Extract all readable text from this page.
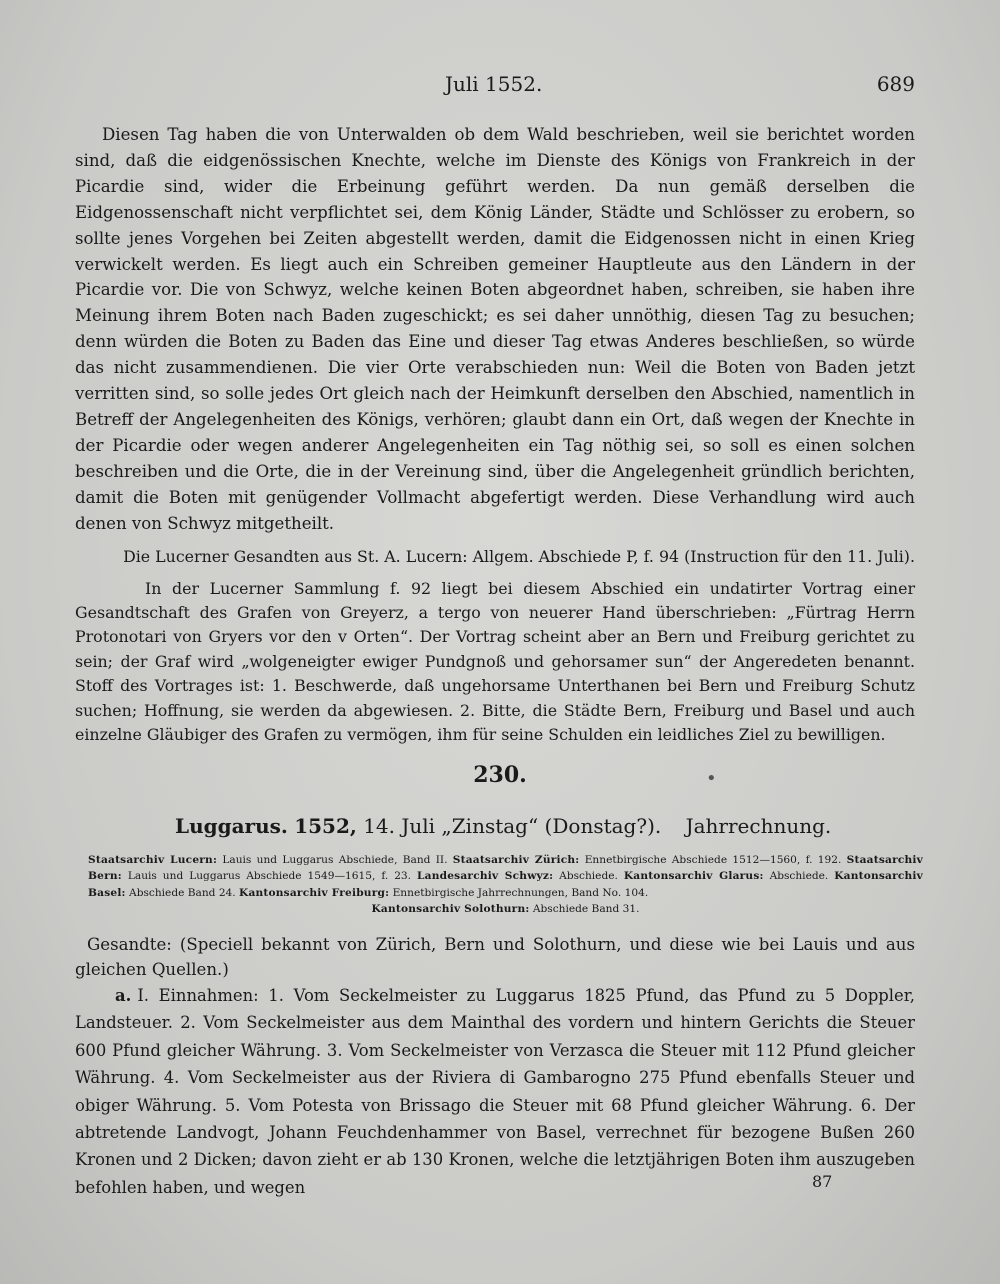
Juli 1552.	689

Diesen Tag haben die von Unterwalden ob dem Wald beschrieben, weil sie berichtet worden sind, daß die eidgenössischen Knechte, welche im Dienste des Königs von Frankreich in der Picardie sind, wider die Erbeinung geführt werden. Da nun gemäß derselben die Eidgenossenschaft nicht verpflichtet sei, dem König Länder, Städte und Schlösser zu erobern, so sollte jenes Vorgehen bei Zeiten abgestellt werden, damit die Eidgenossen nicht in einen Krieg verwickelt werden. Es liegt auch ein Schreiben gemeiner Hauptleute aus den Ländern in der Picardie vor. Die von Schwyz, welche keinen Boten abgeordnet haben, schreiben, sie haben ihre Meinung ihrem Boten nach Baden zugeschickt; es sei daher unnöthig, diesen Tag zu besuchen; denn würden die Boten zu Baden das Eine und dieser Tag etwas Anderes beschließen, so würde das nicht zusammendienen. Die vier Orte verabschieden nun: Weil die Boten von Baden jetzt verritten sind, so solle jedes Ort gleich nach der Heimkunft derselben den Abschied, namentlich in Betreff der Angelegenheiten des Königs, verhören; glaubt dann ein Ort, daß wegen der Knechte in der Picardie oder wegen anderer Angelegenheiten ein Tag nöthig sei, so soll es einen solchen beschreiben und die Orte, die in der Vereinung sind, über die Angelegenheit gründlich berichten, damit die Boten mit genügender Vollmacht abgefertigt werden. Diese Verhandlung wird auch denen von Schwyz mitgetheilt.

Die Lucerner Gesandten aus St. A. Lucern: Allgem. Abschiede P, f. 94 (Instruction für den 11. Juli).

In der Lucerner Sammlung f. 92 liegt bei diesem Abschied ein undatirter Vortrag einer Gesandtschaft des Grafen von Greyerz, a tergo von neuerer Hand überschrieben: „Fürtrag Herrn Protonotari von Gryers vor den v Orten“. Der Vortrag scheint aber an Bern und Freiburg gerichtet zu sein; der Graf wird „wolgeneigter ewiger Pundgnoß und gehorsamer sun“ der Angeredeten benannt. Stoff des Vortrages ist: 1. Beschwerde, daß ungehorsame Unterthanen bei Bern und Freiburg Schutz suchen; Hoffnung, sie werden da abgewiesen. 2. Bitte, die Städte Bern, Freiburg und Basel und auch einzelne Gläubiger des Grafen zu vermögen, ihm für seine Schulden ein leidliches Ziel zu bewilligen.

230.	•
Luggarus. 1552, 14. Juli „Zinstag“ (Donstag?). Jahrrechnung.
Staatsarchiv Lucern: Lauis und Luggarus Abschiede, Band II. Staatsarchiv Zürich: Ennetbirgische Abschiede 1512—1560, f. 192. Staatsarchiv Bern: Lauis und Luggarus Abschiede 1549—1615, f. 23. Landesarchiv Schwyz: Abschiede. Kantonsarchiv Glarus: Abschiede. Kantonsarchiv Basel: Abschiede Band 24. Kantonsarchiv Freiburg: Ennetbirgische Jahrrechnungen, Band No. 104.
Kantonsarchiv Solothurn: Abschiede Band 31.
Gesandte: (Speciell bekannt von Zürich, Bern und Solothurn, und diese wie bei Lauis und aus gleichen Quellen.)
a. I. Einnahmen: 1. Vom Seckelmeister zu Luggarus 1825 Pfund, das Pfund zu 5 Doppler, Landsteuer. 2. Vom Seckelmeister aus dem Mainthal des vordern und hintern Gerichts die Steuer 600 Pfund gleicher Währung. 3. Vom Seckelmeister von Verzasca die Steuer mit 112 Pfund gleicher Währung. 4. Vom Seckelmeister aus der Riviera di Gambarogno 275 Pfund ebenfalls Steuer und obiger Währung. 5. Vom Potesta von Brissago die Steuer mit 68 Pfund gleicher Währung. 6. Der abtretende Landvogt, Johann Feuchdenhammer von Basel, verrechnet für bezogene Bußen 260 Kronen und 2 Dicken; davon zieht er ab 130 Kronen, welche die letztjährigen Boten ihm auszugeben befohlen haben, und wegen	87
